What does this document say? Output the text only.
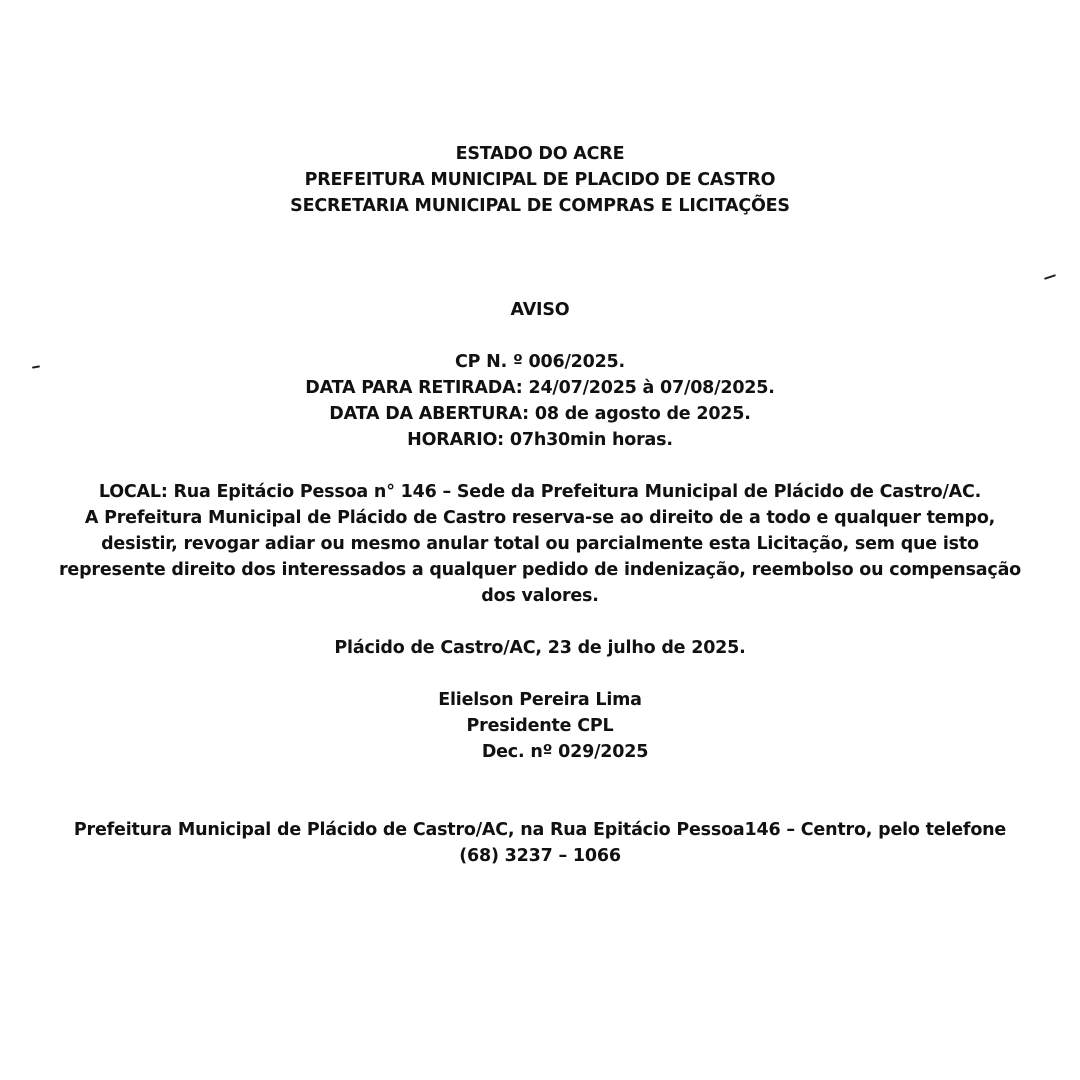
ESTADO DO ACRE
PREFEITURA MUNICIPAL DE PLACIDO DE CASTRO
SECRETARIA MUNICIPAL DE COMPRAS E LICITAÇÕES
AVISO
CP N. º 006/2025.
DATA PARA RETIRADA: 24/07/2025 à 07/08/2025.
DATA DA ABERTURA: 08 de agosto de 2025.
HORARIO: 07h30min horas.
LOCAL: Rua Epitácio Pessoa n° 146 – Sede da Prefeitura Municipal de Plácido de Castro/AC.
A Prefeitura Municipal de Plácido de Castro reserva-se ao direito de a todo e qualquer tempo, desistir, revogar adiar ou mesmo anular total ou parcialmente esta Licitação, sem que isto represente direito dos interessados a qualquer pedido de indenização, reembolso ou compensação dos valores.
Plácido de Castro/AC, 23 de julho de 2025.
Elielson Pereira Lima
Presidente CPL
Dec. nº 029/2025
Prefeitura Municipal de Plácido de Castro/AC, na Rua Epitácio Pessoa146 – Centro, pelo telefone
(68) 3237 – 1066
